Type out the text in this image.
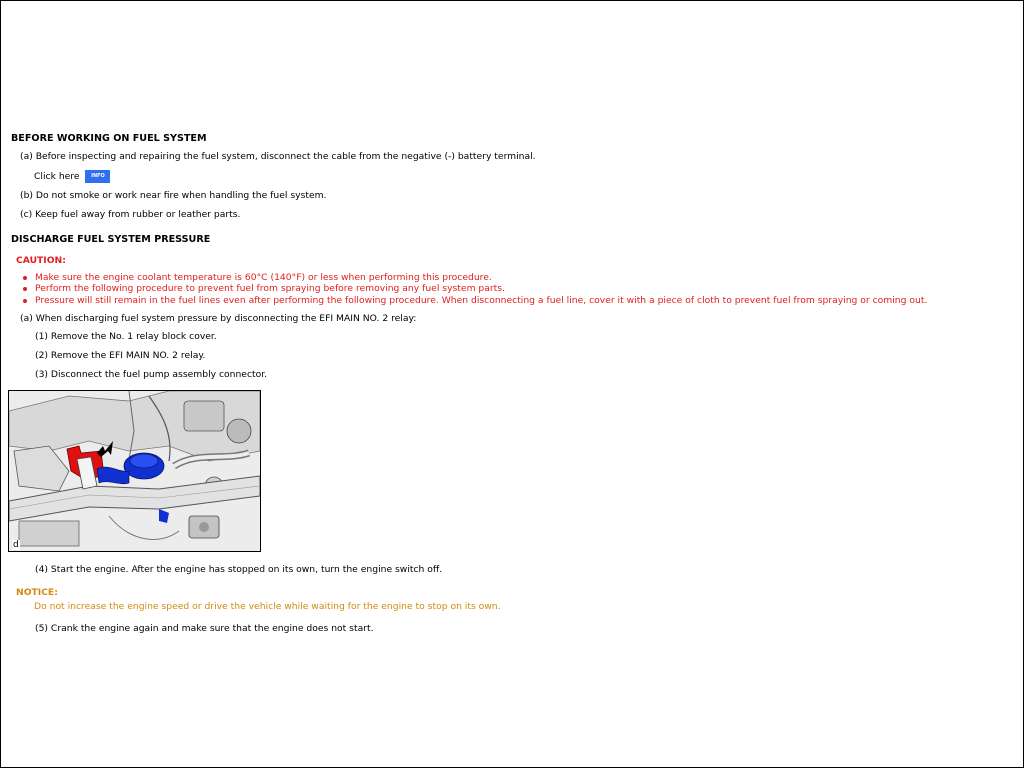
BEFORE WORKING ON FUEL SYSTEM
(a) Before inspecting and repairing the fuel system, disconnect the cable from the negative (-) battery terminal.
Click here INFO
(b) Do not smoke or work near fire when handling the fuel system.
(c) Keep fuel away from rubber or leather parts.
DISCHARGE FUEL SYSTEM PRESSURE
CAUTION:
Make sure the engine coolant temperature is 60°C (140°F) or less when performing this procedure.
Perform the following procedure to prevent fuel from spraying before removing any fuel system parts.
Pressure will still remain in the fuel lines even after performing the following procedure. When disconnecting a fuel line, cover it with a piece of cloth to prevent fuel from spraying or coming out.
(a) When discharging fuel system pressure by disconnecting the EFI MAIN NO. 2 relay:
(1) Remove the No. 1 relay block cover.
(2) Remove the EFI MAIN NO. 2 relay.
(3) Disconnect the fuel pump assembly connector.
(4) Start the engine. After the engine has stopped on its own, turn the engine switch off.
NOTICE:
Do not increase the engine speed or drive the vehicle while waiting for the engine to stop on its own.
(5) Crank the engine again and make sure that the engine does not start.
d
